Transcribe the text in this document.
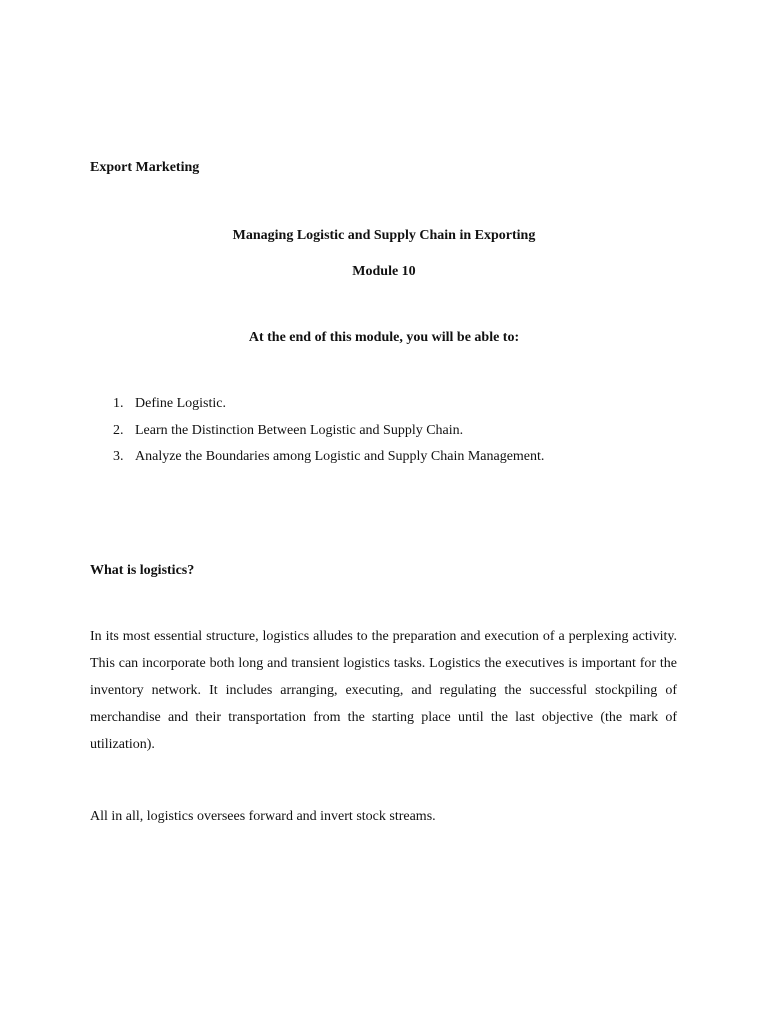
Export Marketing
Managing Logistic and Supply Chain in Exporting
Module 10
At the end of this module, you will be able to:
1. Define Logistic.
2. Learn the Distinction Between Logistic and Supply Chain.
3. Analyze the Boundaries among Logistic and Supply Chain Management.
What is logistics?

In its most essential structure, logistics alludes to the preparation and execution of a perplexing activity. This can incorporate both long and transient logistics tasks. Logistics the executives is important for the inventory network. It includes arranging, executing, and regulating the successful stockpiling of merchandise and their transportation from the starting place until the last objective (the mark of utilization).

All in all, logistics oversees forward and invert stock streams.
